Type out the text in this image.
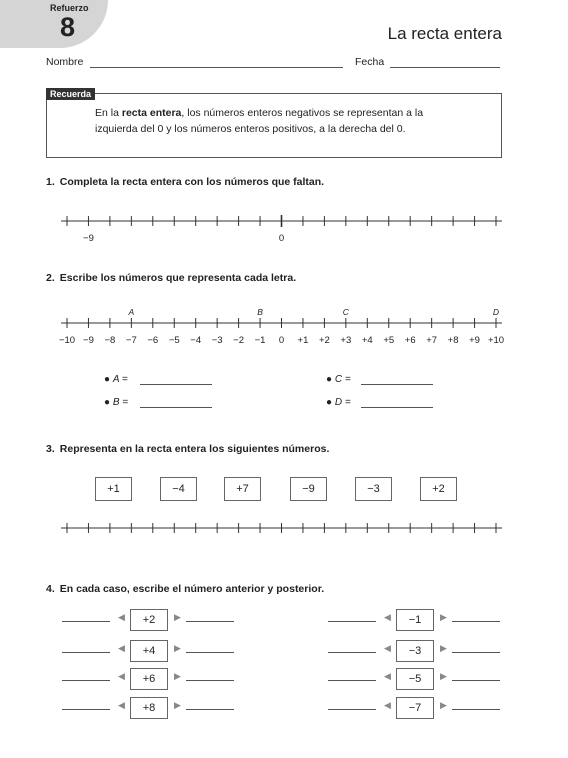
Refuerzo
8	La recta entera
Nombre	Fecha
Recuerda
En la recta entera, los números enteros negativos se representan a la izquierda del 0 y los números enteros positivos, a la derecha del 0.
1. Completa la recta entera con los números que faltan.
−9	0
−10 −9 −8 −7 −6 −5 −4 −3 −2 −1 0 +1 +2 +3 +4 +5 +6 +7 +8 +9 +10
A	B	C	D
2. Escribe los números que representa cada letra.
● A =
● B =
● C =
● D =
3. Representa en la recta entera los siguientes números.
+1	−4	+7	−9	−3	+2
4. En cada caso, escribe el número anterior y posterior.
◀	+2	▶
◀	+4	▶
◀	+6	▶
◀	+8	▶
◀	−1	▶
◀	−3	▶
◀	−5	▶
◀	−7	▶
